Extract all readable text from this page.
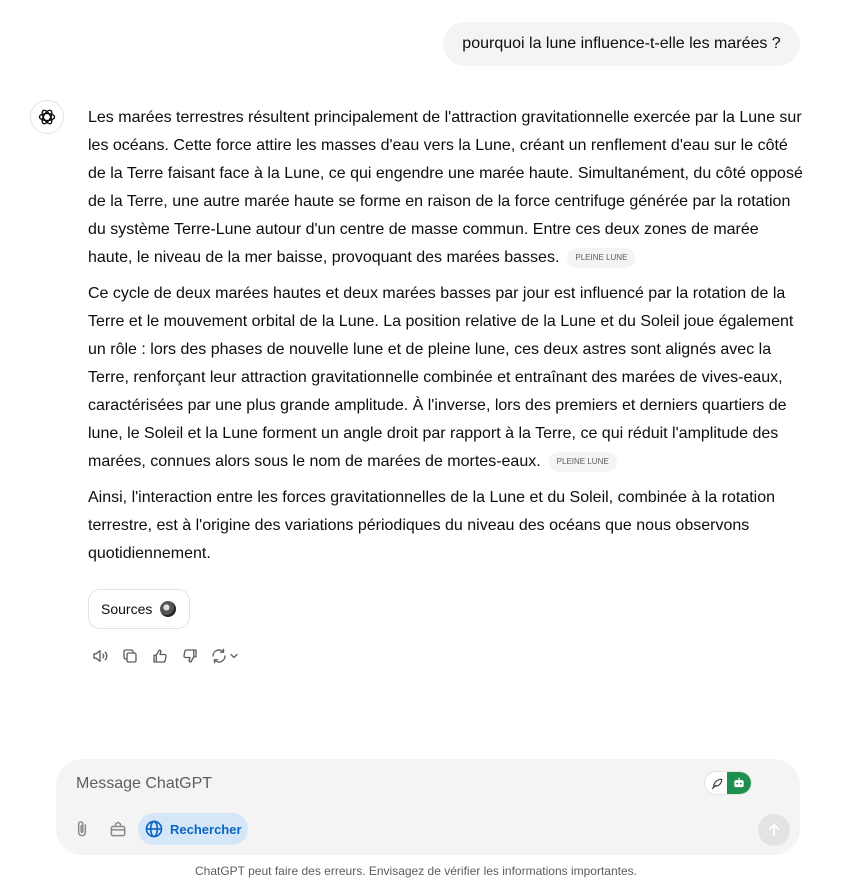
pourquoi la lune influence-t-elle les marées ?

Les marées terrestres résultent principalement de l'attraction gravitationnelle exercée par la Lune sur les océans. Cette force attire les masses d'eau vers la Lune, créant un renflement d'eau sur le côté de la Terre faisant face à la Lune, ce qui engendre une marée haute. Simultanément, du côté opposé de la Terre, une autre marée haute se forme en raison de la force centrifuge générée par la rotation du système Terre-Lune autour d'un centre de masse commun. Entre ces deux zones de marée haute, le niveau de la mer baisse, provoquant des marées basses. PLEINE LUNE

Ce cycle de deux marées hautes et deux marées basses par jour est influencé par la rotation de la Terre et le mouvement orbital de la Lune. La position relative de la Lune et du Soleil joue également un rôle : lors des phases de nouvelle lune et de pleine lune, ces deux astres sont alignés avec la Terre, renforçant leur attraction gravitationnelle combinée et entraînant des marées de vives-eaux, caractérisées par une plus grande amplitude. À l'inverse, lors des premiers et derniers quartiers de lune, le Soleil et la Lune forment un angle droit par rapport à la Terre, ce qui réduit l'amplitude des marées, connues alors sous le nom de marées de mortes-eaux. PLEINE LUNE

Ainsi, l'interaction entre les forces gravitationnelles de la Lune et du Soleil, combinée à la rotation terrestre, est à l'origine des variations périodiques du niveau des océans que nous observons quotidiennement.

Sources
Message ChatGPT
Rechercher
ChatGPT peut faire des erreurs. Envisagez de vérifier les informations importantes.
